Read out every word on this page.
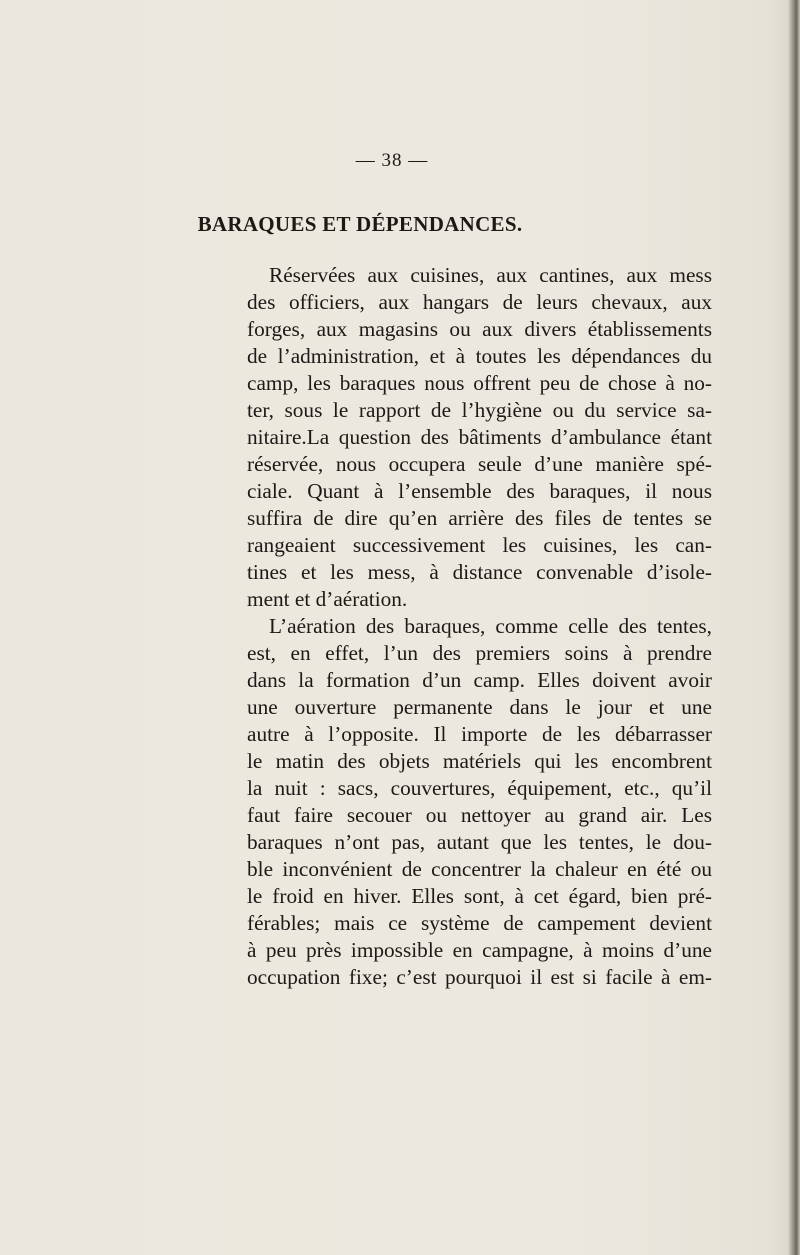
— 38 —
BARAQUES ET DÉPENDANCES.
Réservées aux cuisines, aux cantines, aux mess
des officiers, aux hangars de leurs chevaux, aux
forges, aux magasins ou aux divers établissements
de l’administration, et à toutes les dépendances du
camp, les baraques nous offrent peu de chose à no-
ter, sous le rapport de l’hygiène ou du service sa-
nitaire.La question des bâtiments d’ambulance étant
réservée, nous occupera seule d’une manière spé-
ciale. Quant à l’ensemble des baraques, il nous
suffira de dire qu’en arrière des files de tentes se
rangeaient successivement les cuisines, les can-
tines et les mess, à distance convenable d’isole-
ment et d’aération.
L’aération des baraques, comme celle des tentes,
est, en effet, l’un des premiers soins à prendre
dans la formation d’un camp. Elles doivent avoir
une ouverture permanente dans le jour et une
autre à l’opposite. Il importe de les débarrasser
le matin des objets matériels qui les encombrent
la nuit : sacs, couvertures, équipement, etc., qu’il
faut faire secouer ou nettoyer au grand air. Les
baraques n’ont pas, autant que les tentes, le dou-
ble inconvénient de concentrer la chaleur en été ou
le froid en hiver. Elles sont, à cet égard, bien pré-
férables; mais ce système de campement devient
à peu près impossible en campagne, à moins d’une
occupation fixe; c’est pourquoi il est si facile à em-
